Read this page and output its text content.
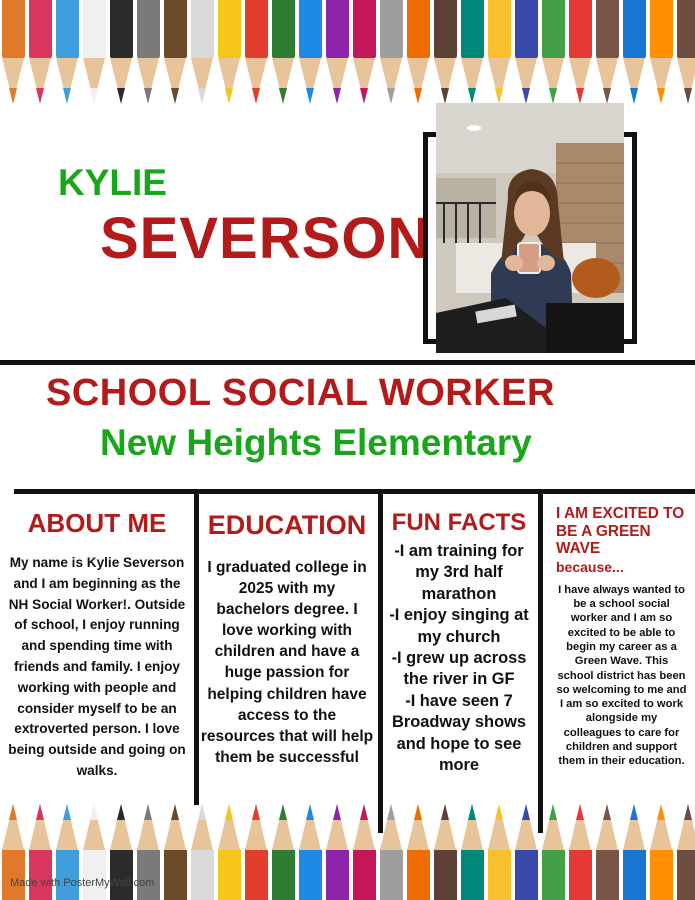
KYLIE
SEVERSON
SCHOOL SOCIAL WORKER
New Heights Elementary
ABOUT ME

My name is Kylie Severson and I am beginning as the NH Social Worker!. Outside of school, I enjoy running and spending time with friends and family. I enjoy working with people and consider myself to be an extroverted person. I love being outside and going on walks.

EDUCATION

I graduated college in 2025 with my bachelors degree. I love working with children and have a huge passion for helping children have access to the resources that will help them be successful

FUN FACTS

-I am training for my 3rd half marathon

-I enjoy singing at my church

-I grew up across the river in GF

-I have seen 7 Broadway shows and hope to see more

I AM EXCITED TO BE A GREEN WAVE
because...

I have always wanted to be a school social worker and I am so excited to be able to begin my career as a Green Wave. This school district has been so welcoming to me and I am so excited to work alongside my colleagues to care for children and support them in their education.

Made with PosterMyWall.com
